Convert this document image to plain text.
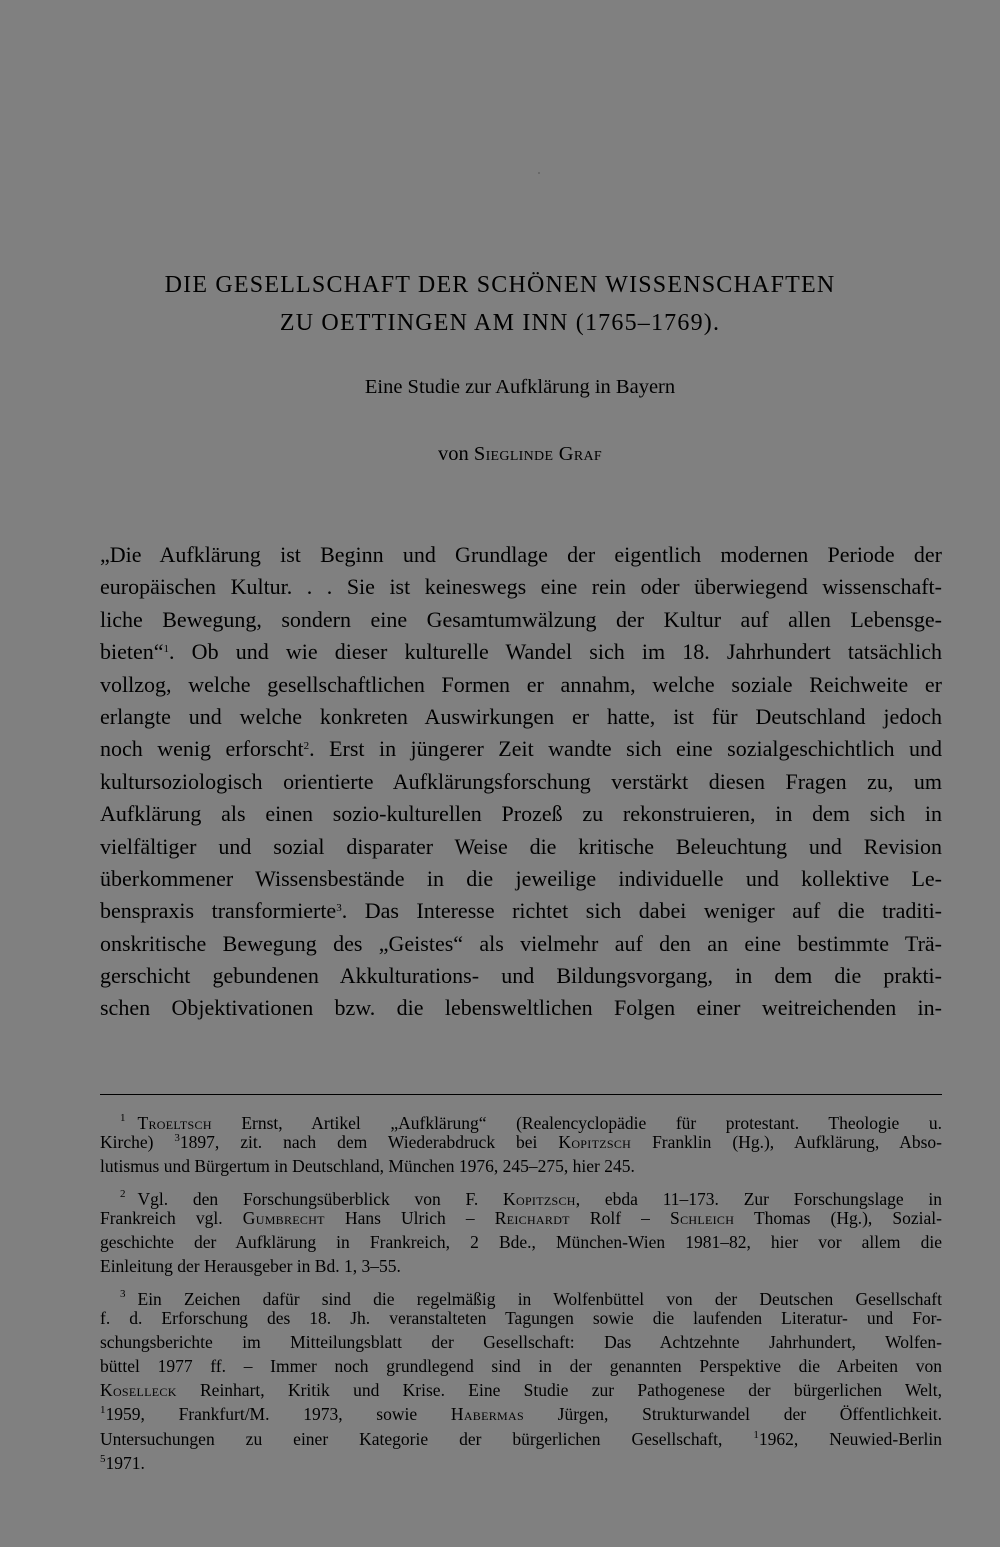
DIE GESELLSCHAFT DER SCHÖNEN WISSENSCHAFTEN
ZU OETTINGEN AM INN (1765–1769).
Eine Studie zur Aufklärung in Bayern
von Sieglinde Graf
„Die Aufklärung ist Beginn und Grundlage der eigentlich modernen Periode der
europäischen Kultur. . . Sie ist keineswegs eine rein oder überwiegend wissenschaft-
liche Bewegung, sondern eine Gesamtumwälzung der Kultur auf allen Lebensge-
bieten“$^1$. Ob und wie dieser kulturelle Wandel sich im 18. Jahrhundert tatsächlich
vollzog, welche gesellschaftlichen Formen er annahm, welche soziale Reichweite er
erlangte und welche konkreten Auswirkungen er hatte, ist für Deutschland jedoch
noch wenig erforscht$^2$. Erst in jüngerer Zeit wandte sich eine sozialgeschichtlich und
kultursoziologisch orientierte Aufklärungsforschung verstärkt diesen Fragen zu, um
Aufklärung als einen sozio-kulturellen Prozeß zu rekonstruieren, in dem sich in
vielfältiger und sozial disparater Weise die kritische Beleuchtung und Revision
überkommener Wissensbestände in die jeweilige individuelle und kollektive Le-
benspraxis transformierte$^3$. Das Interesse richtet sich dabei weniger auf die traditi-
onskritische Bewegung des „Geistes“ als vielmehr auf den an eine bestimmte Trä-
gerschicht gebundenen Akkulturations- und Bildungsvorgang, in dem die prakti-
schen Objektivationen bzw. die lebensweltlichen Folgen einer weitreichenden in-
$^1$ Troeltsch Ernst, Artikel „Aufklärung“ (Realencyclopädie für protestant. Theologie u.
Kirche) $^3$1897, zit. nach dem Wiederabdruck bei Kopitzsch Franklin (Hg.), Aufklärung, Abso-
lutismus und Bürgertum in Deutschland, München 1976, 245–275, hier 245.
$^2$ Vgl. den Forschungsüberblick von F. Kopitzsch, ebda 11–173. Zur Forschungslage in
Frankreich vgl. Gumbrecht Hans Ulrich – Reichardt Rolf – Schleich Thomas (Hg.), Sozial-
geschichte der Aufklärung in Frankreich, 2 Bde., München-Wien 1981–82, hier vor allem die
Einleitung der Herausgeber in Bd. 1, 3–55.
$^3$ Ein Zeichen dafür sind die regelmäßig in Wolfenbüttel von der Deutschen Gesellschaft
f. d. Erforschung des 18. Jh. veranstalteten Tagungen sowie die laufenden Literatur- und For-
schungsberichte im Mitteilungsblatt der Gesellschaft: Das Achtzehnte Jahrhundert, Wolfen-
büttel 1977 ff. – Immer noch grundlegend sind in der genannten Perspektive die Arbeiten von
Koselleck Reinhart, Kritik und Krise. Eine Studie zur Pathogenese der bürgerlichen Welt,
$^1$1959, Frankfurt/M. 1973, sowie Habermas Jürgen, Strukturwandel der Öffentlichkeit.
Untersuchungen zu einer Kategorie der bürgerlichen Gesellschaft, $^1$1962, Neuwied-Berlin
$^5$1971.
